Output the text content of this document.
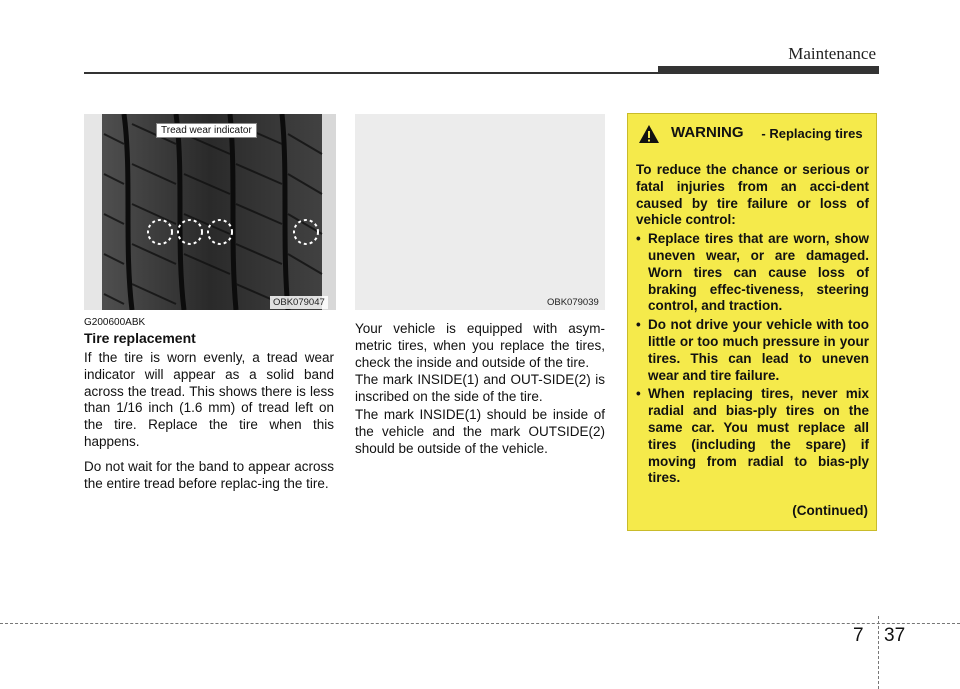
Maintenance
Tread wear indicator
OBK079047	OBK079039
G200600ABK
Tire replacement

If the tire is worn evenly, a tread wear indicator will appear as a solid band across the tread. This shows there is less than 1/16 inch (1.6 mm) of tread left on the tire. Replace the tire when this happens.

Do not wait for the band to appear across the entire tread before replac-ing the tire.

Your vehicle is equipped with asym-metric tires, when you replace the tires, check the inside and outside of the tire.

The mark INSIDE(1) and OUT-SIDE(2) is inscribed on the side of the tire.

The mark INSIDE(1) should be inside of the vehicle and the mark OUTSIDE(2) should be outside of the vehicle.

WARNING - Replacing tires

To reduce the chance or serious or fatal injuries from an acci-dent caused by tire failure or loss of vehicle control:

• Replace tires that are worn, show uneven wear, or are damaged. Worn tires can cause loss of braking effec-tiveness, steering control, and traction.
• Do not drive your vehicle with too little or too much pressure in your tires. This can lead to uneven wear and tire failure.
• When replacing tires, never mix radial and bias-ply tires on the same car. You must replace all tires (including the spare) if moving from radial to bias-ply tires.
(Continued)
7 37
